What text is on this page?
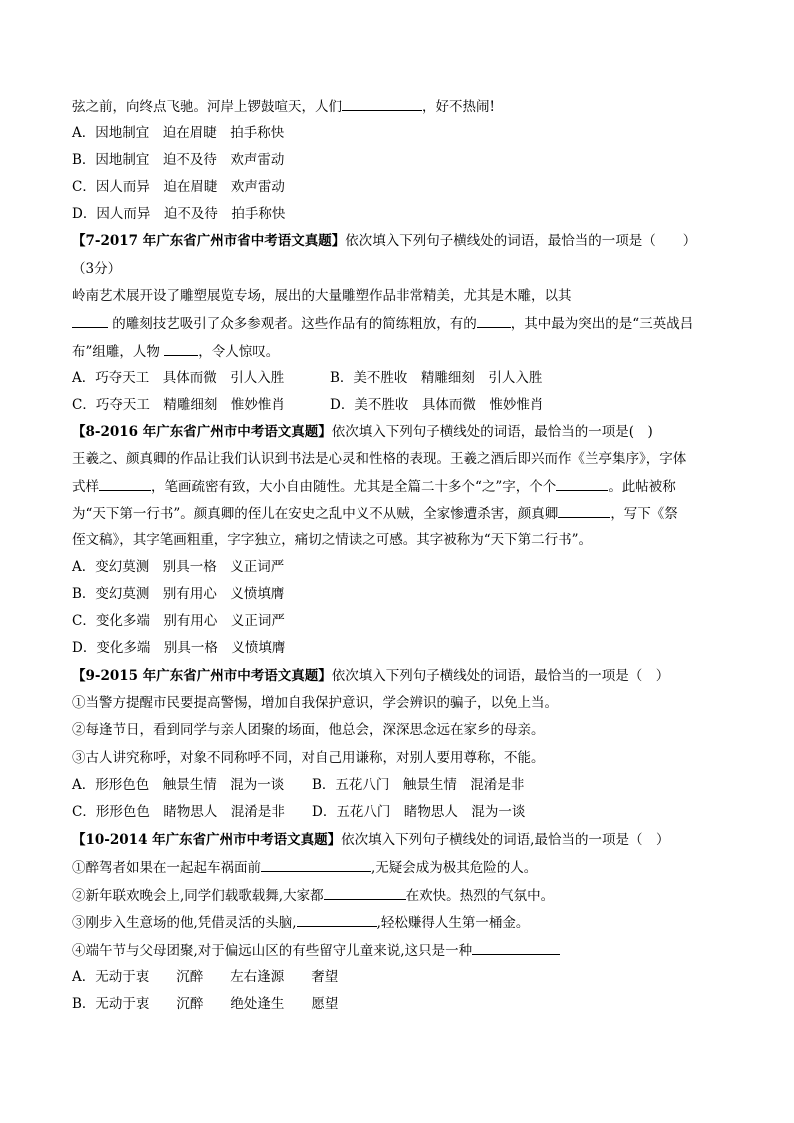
弦之前，向终点飞驰。河岸上锣鼓喧天，人们	，好不热闹!
A．因地制宜　迫在眉睫　拍手称快
B．因地制宜　迫不及待　欢声雷动
C．因人而异　迫在眉睫　欢声雷动
D．因人而异　迫不及待　拍手称快
【7-2017 年广东省广州市省中考语文真题】依次填入下列句子横线处的词语，最恰当的一项是（　　）
（3分）
岭南艺术展开设了雕塑展览专场，展出的大量雕塑作品非常精美，尤其是木雕，以其
的雕刻技艺吸引了众多参观者。这些作品有的简练粗放，有的	，其中最为突出的是“三英战吕
布”组雕，人物	，令人惊叹。
A．巧夺天工　具体而微　引人入胜	B．美不胜收　精雕细刻　引人入胜
C．巧夺天工　精雕细刻　惟妙惟肖	D．美不胜收　具体而微　惟妙惟肖
【8-2016 年广东省广州市中考语文真题】依次填入下列句子横线处的词语，最恰当的一项是(　)
王羲之、颜真卿的作品让我们认识到书法是心灵和性格的表现。王羲之酒后即兴而作《兰亭集序》，字体
式样	，笔画疏密有致，大小自由随性。尤其是全篇二十多个“之”字，个个	。此帖被称
为“天下第一行书”。颜真卿的侄儿在安史之乱中义不从贼，全家惨遭杀害，颜真卿	，写下《祭
侄文稿》，其字笔画粗重，字字独立，痛切之情读之可感。其字被称为“天下第二行书”。
A．变幻莫测　别具一格　义正词严
B．变幻莫测　别有用心　义愤填膺
C．变化多端　别有用心　义正词严
D．变化多端　别具一格　义愤填膺
【9-2015 年广东省广州市中考语文真题】依次填入下列句子横线处的词语，最恰当的一项是（　）
①当警方提醒市民要提高警惕，增加自我保护意识，学会辨识的骗子，以免上当。
②每逢节日，看到同学与亲人团聚的场面，他总会，深深思念远在家乡的母亲。
③古人讲究称呼，对象不同称呼不同，对自己用谦称，对别人要用尊称，不能。
A．形形色色　触景生情　混为一谈 B．五花八门　触景生情　混淆是非
C．形形色色　睹物思人　混淆是非 D．五花八门　睹物思人　混为一谈
【10-2014 年广东省广州市中考语文真题】依次填入下列句子横线处的词语,最恰当的一项是（　）
①醉驾者如果在一起起车祸面前	,无疑会成为极其危险的人。
②新年联欢晚会上,同学们载歌载舞,大家都	在欢快。热烈的气氛中。
③刚步入生意场的他,凭借灵活的头脑,	,轻松赚得人生第一桶金。
④端午节与父母团聚,对于偏远山区的有些留守儿童来说,这只是一种
A．无动于衷　　沉醉　　左右逢源　　奢望
B．无动于衷　　沉醉　　绝处逢生　　愿望
